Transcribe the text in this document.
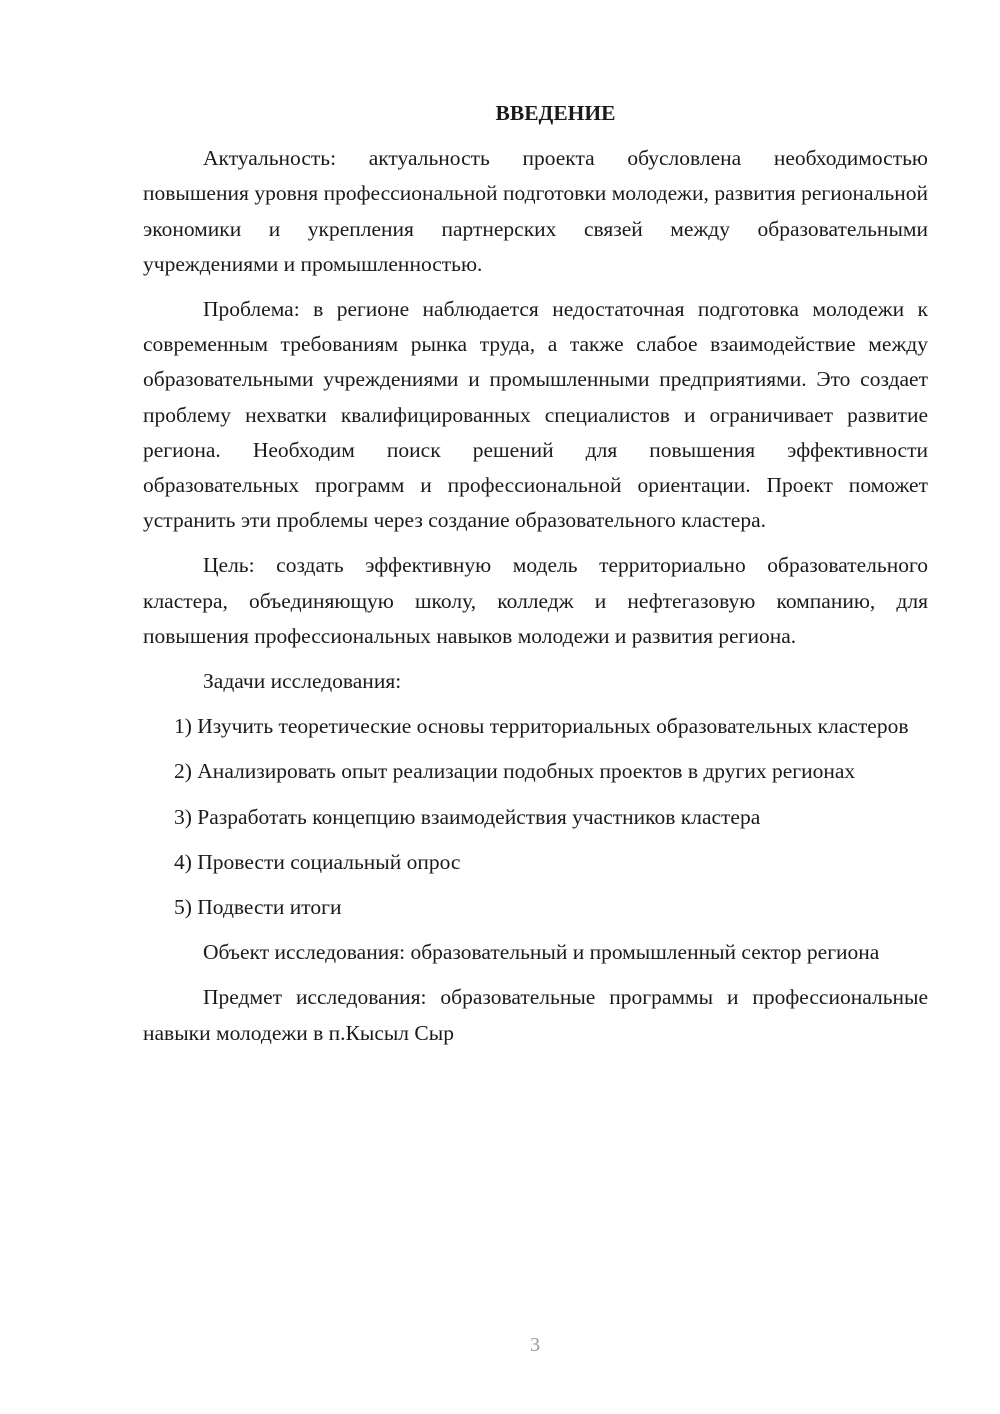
ВВЕДЕНИЕ

Актуальность: актуальность проекта обусловлена необходимостью повышения уровня профессиональной подготовки молодежи, развития региональной экономики и укрепления партнерских связей между образовательными учреждениями и промышленностью.

Проблема: в регионе наблюдается недостаточная подготовка молодежи к современным требованиям рынка труда, а также слабое взаимодействие между образовательными учреждениями и промышленными предприятиями. Это создает проблему нехватки квалифицированных специалистов и ограничивает развитие региона. Необходим поиск решений для повышения эффективности образовательных программ и профессиональной ориентации. Проект поможет устранить эти проблемы через создание образовательного кластера.

Цель: создать эффективную модель территориально образовательного кластера, объединяющую школу, колледж и нефтегазовую компанию, для повышения профессиональных навыков молодежи и развития региона.

Задачи исследования:

1) Изучить теоретические основы территориальных образовательных кластеров

2) Анализировать опыт реализации подобных проектов в других регионах

3) Разработать концепцию взаимодействия участников кластера

4) Провести социальный опрос

5) Подвести итоги

Объект исследования: образовательный и промышленный сектор региона

Предмет исследования: образовательные программы и профессиональные навыки молодежи в п.Кысыл Сыр

3
